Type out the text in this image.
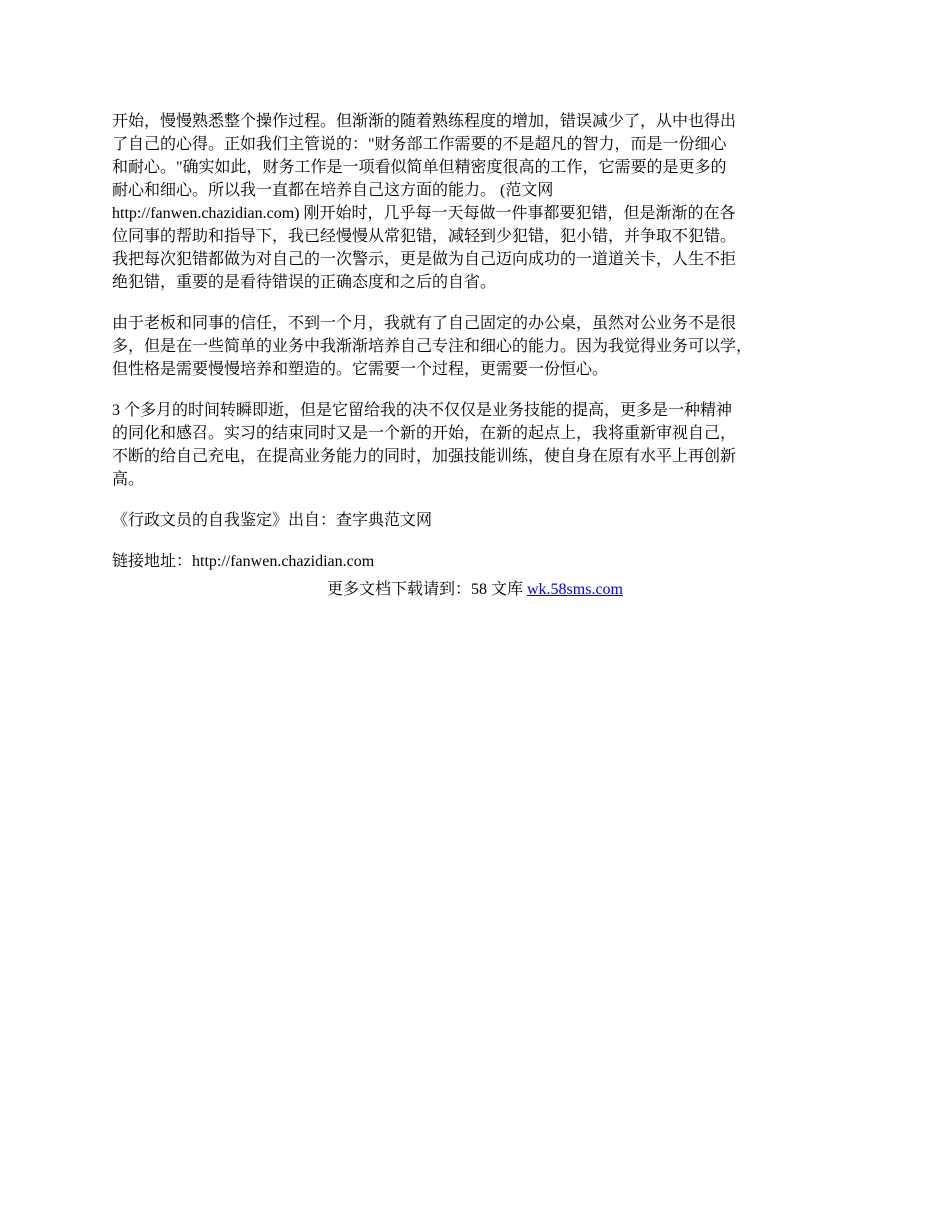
开始，慢慢熟悉整个操作过程。但渐渐的随着熟练程度的增加，错误减少了，从中也得出
了自己的心得。正如我们主管说的："财务部工作需要的不是超凡的智力，而是一份细心
和耐心。"确实如此，财务工作是一项看似简单但精密度很高的工作，它需要的是更多的
耐心和细心。所以我一直都在培养自己这方面的能力。 (范文网
http://fanwen.chazidian.com) 刚开始时，几乎每一天每做一件事都要犯错，但是渐渐的在各
位同事的帮助和指导下，我已经慢慢从常犯错，减轻到少犯错，犯小错，并争取不犯错。
我把每次犯错都做为对自己的一次警示，更是做为自己迈向成功的一道道关卡，人生不拒
绝犯错，重要的是看待错误的正确态度和之后的自省。
由于老板和同事的信任，不到一个月，我就有了自己固定的办公桌，虽然对公业务不是很
多，但是在一些简单的业务中我渐渐培养自己专注和细心的能力。因为我觉得业务可以学，
但性格是需要慢慢培养和塑造的。它需要一个过程，更需要一份恒心。
3 个多月的时间转瞬即逝，但是它留给我的决不仅仅是业务技能的提高，更多是一种精神
的同化和感召。实习的结束同时又是一个新的开始，在新的起点上，我将重新审视自己，
不断的给自己充电，在提高业务能力的同时，加强技能训练，使自身在原有水平上再创新
高。
《行政文员的自我鉴定》出自：查字典范文网
链接地址：http://fanwen.chazidian.com
更多文档下载请到：58 文库 wk.58sms.com
